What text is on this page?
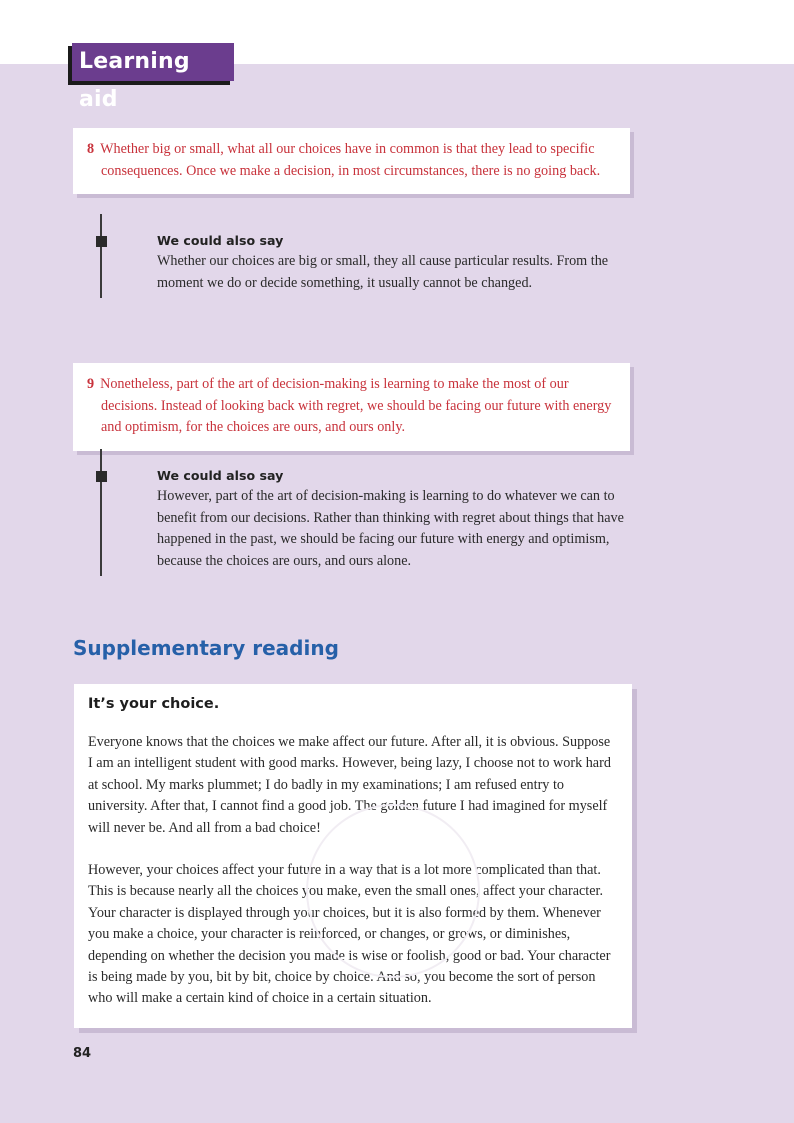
Learning aid
8 Whether big or small, what all our choices have in common is that they lead to specific consequences. Once we make a decision, in most circumstances, there is no going back.
We could also say
Whether our choices are big or small, they all cause particular results. From the moment we do or decide something, it usually cannot be changed.
9 Nonetheless, part of the art of decision-making is learning to make the most of our decisions. Instead of looking back with regret, we should be facing our future with energy and optimism, for the choices are ours, and ours only.
We could also say
However, part of the art of decision-making is learning to do whatever we can to benefit from our decisions. Rather than thinking with regret about things that have happened in the past, we should be facing our future with energy and optimism, because the choices are ours, and ours alone.
Supplementary reading
It’s your choice.

Everyone knows that the choices we make affect our future. After all, it is obvious. Suppose I am an intelligent student with good marks. However, being lazy, I choose not to work hard at school. My marks plummet; I do badly in my examinations; I am refused entry to university. After that, I cannot find a good job. The golden future I had imagined for myself will never be. And all from a bad choice!

However, your choices affect your future in a way that is a lot more complicated than that. This is because nearly all the choices you make, even the small ones, affect your character. Your character is displayed through your choices, but it is also formed by them. Whenever you make a choice, your character is reinforced, or changes, or grows, or diminishes, depending on whether the decision you made is wise or foolish, good or bad. Your character is being made by you, bit by bit, choice by choice. And so, you become the sort of person who will make a certain kind of choice in a certain situation.

84
